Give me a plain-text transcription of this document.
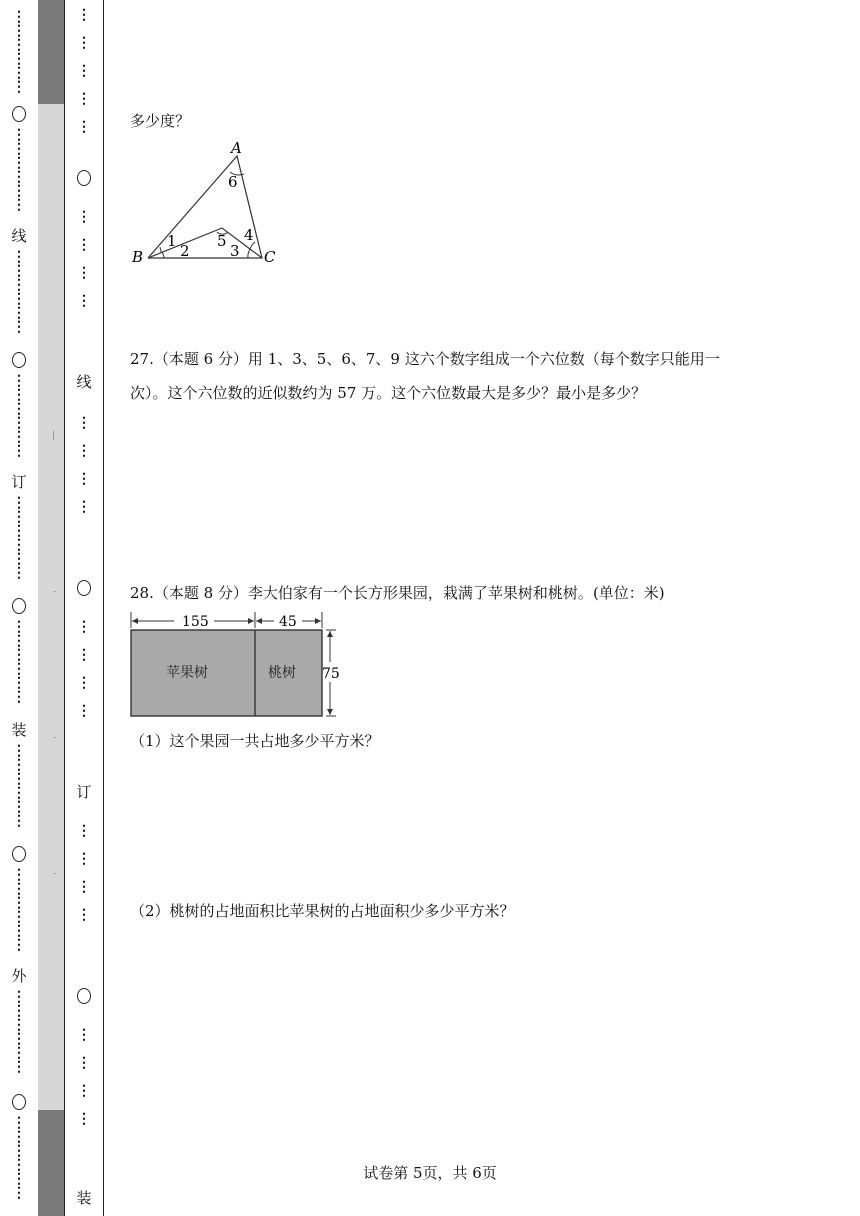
⋮
⋮
⋮
⋮
⋮
⋮
⋮
⋮
⋮
⋮
⋮
⋮
线
⋮
⋮
⋮
⋮
⋮
⋮
⋮
⋮
⋮
⋮
⋮
⋮
订
⋮
⋮
⋮
⋮
⋮
⋮
⋮
⋮
⋮
⋮
⋮
⋮
装
⋮
⋮
⋮
⋮
⋮
⋮
⋮
⋮
⋮
⋮
⋮
⋮
外
⋮
⋮
⋮
⋮
⋮
⋮
⋮
⋮
⋮
⋮
⋮
⋮
—
·
·
·
⋮

⋮

⋮

⋮

⋮
⋮

⋮

⋮

⋮
线
⋮

⋮

⋮

⋮
⋮

⋮

⋮

⋮
订
⋮

⋮

⋮

⋮
⋮

⋮

⋮

⋮
装
多少度？
A
B	C
1
2	3
4
5
6
27.（本题 6 分）用 1、3、5、6、7、9 这六个数字组成一个六位数（每个数字只能用一次）。这个六位数的近似数约为 57 万。这个六位数最大是多少？最小是多少？
28.（本题 8 分）李大伯家有一个长方形果园，栽满了苹果树和桃树。(单位：米)
155	45
苹果树	桃树 75
（1）这个果园一共占地多少平方米？
（2）桃树的占地面积比苹果树的占地面积少多少平方米？
试卷第 5页，共 6页
